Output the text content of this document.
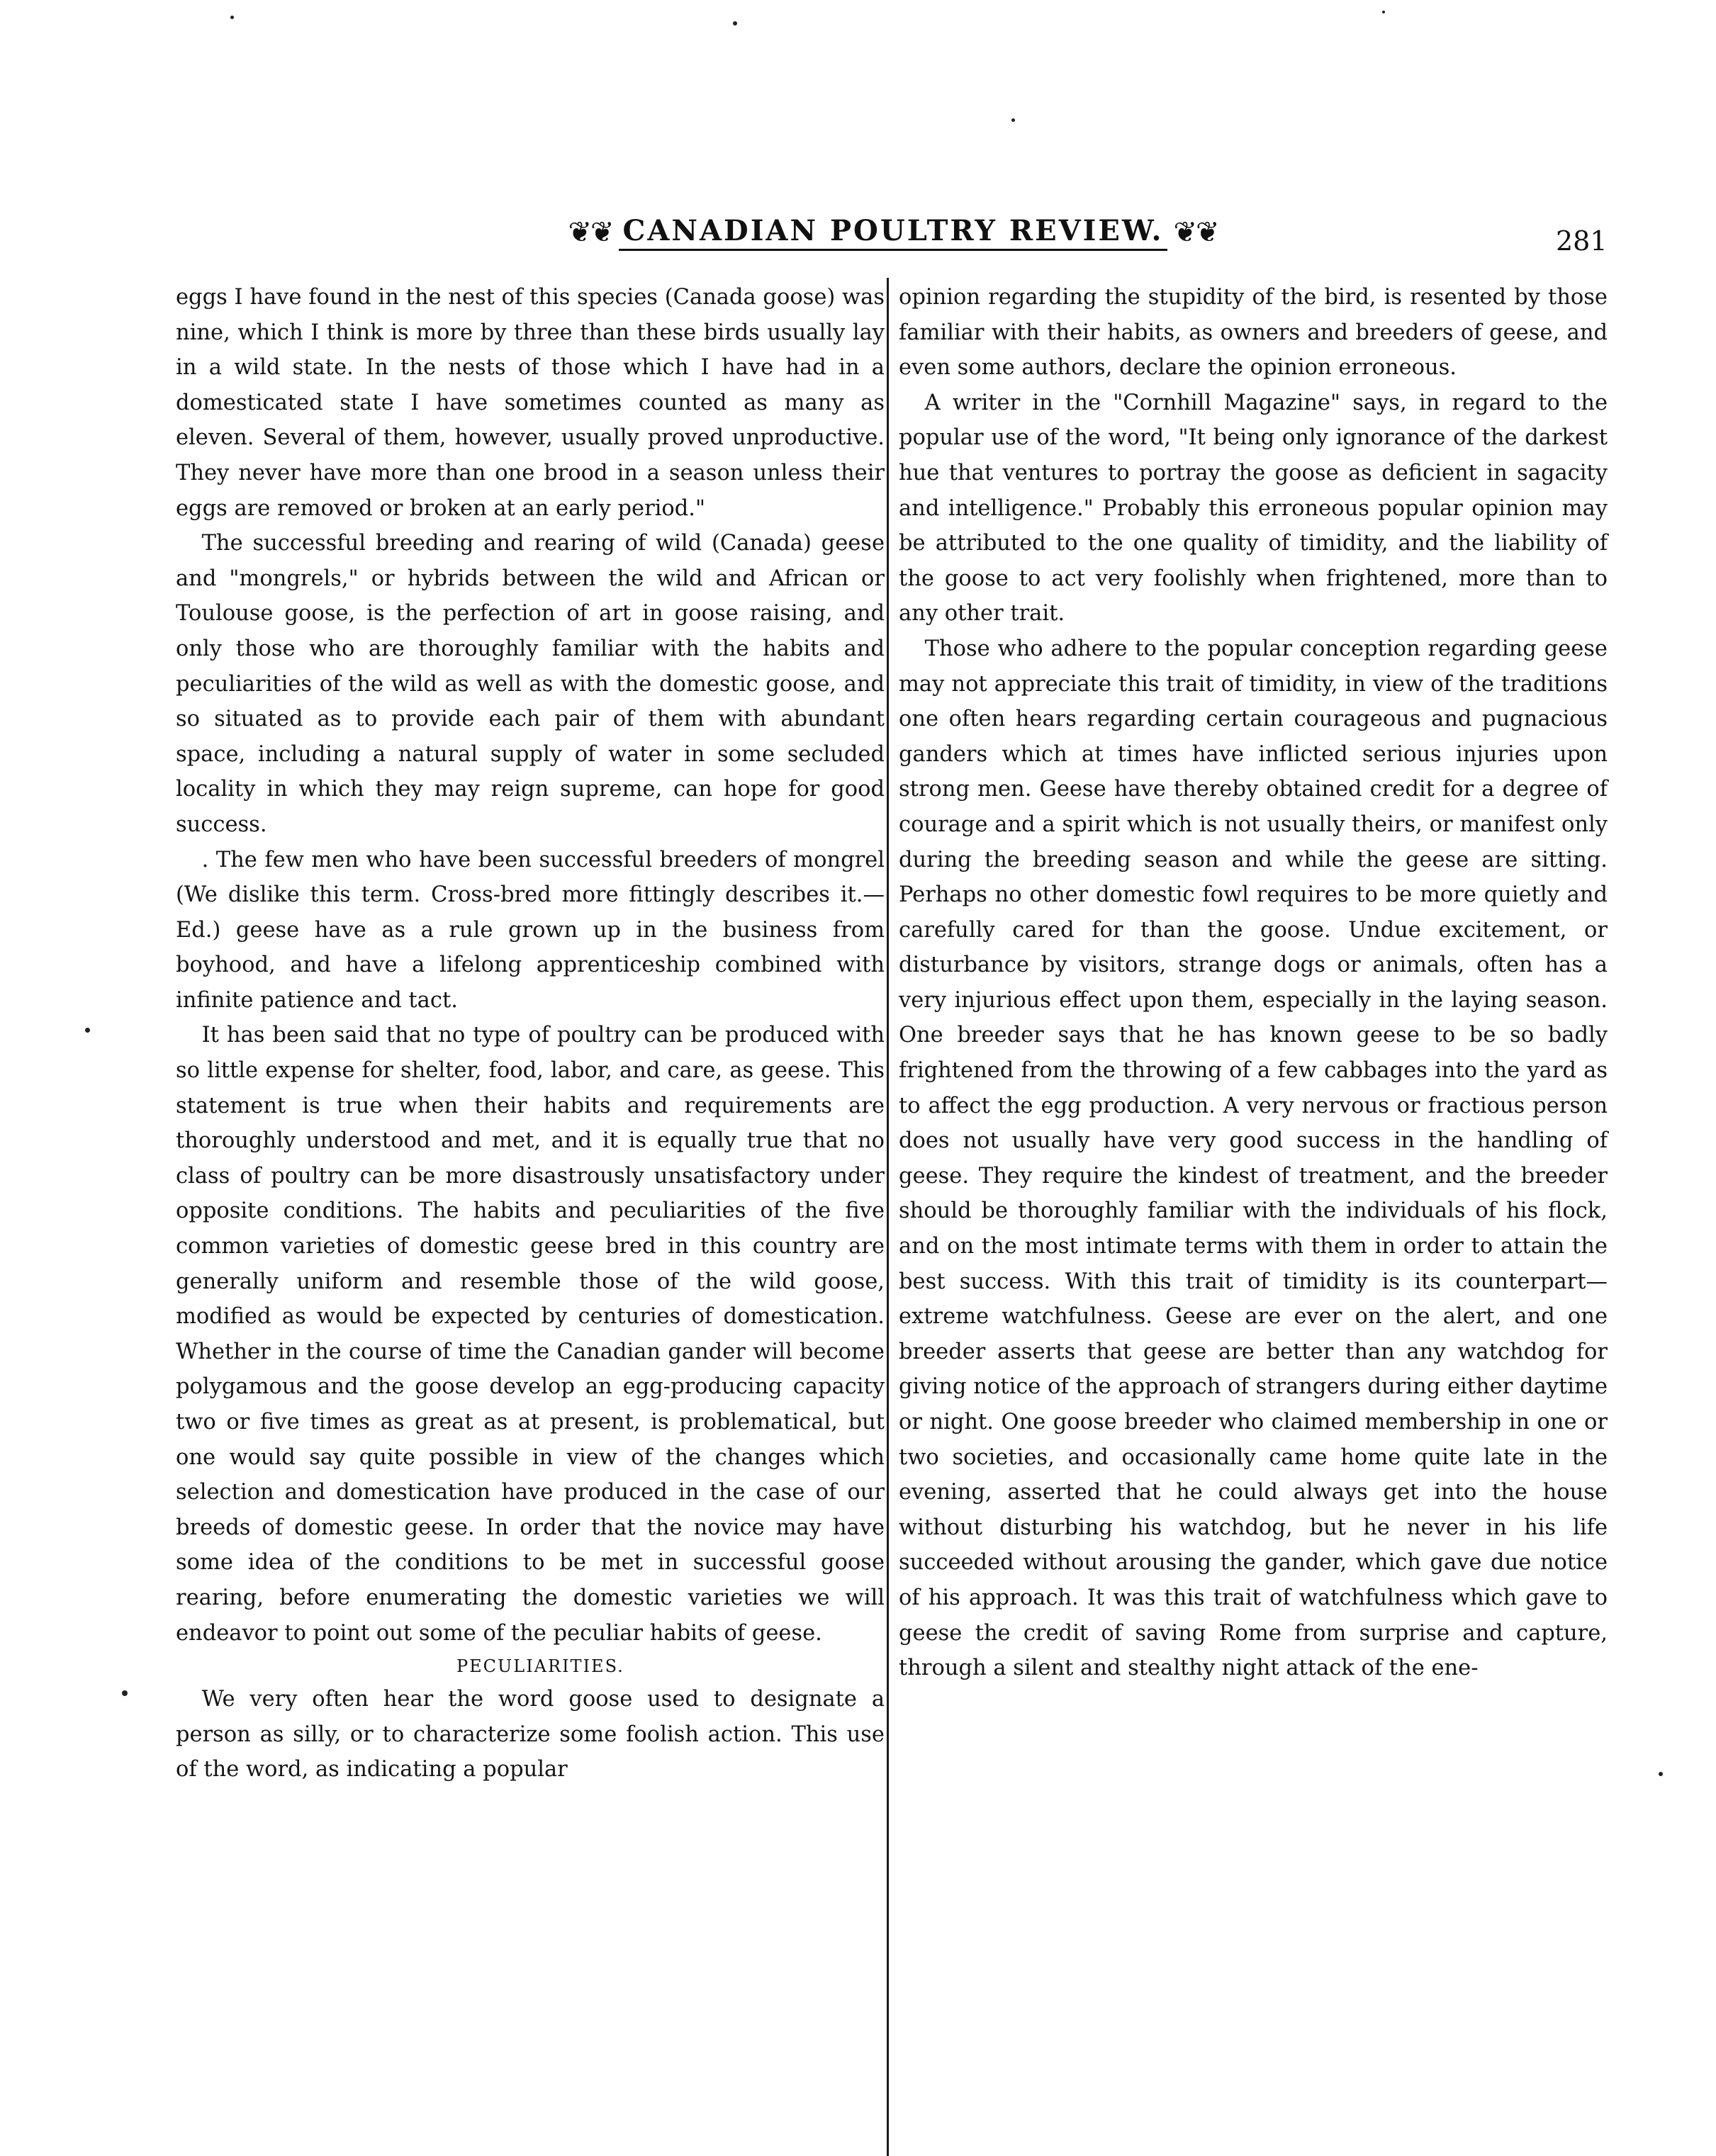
❦❦ CANADIAN POULTRY REVIEW. ❦❦	281

eggs I have found in the nest of this species (Canada goose) was nine, which I think is more by three than these birds usually lay in a wild state. In the nests of those which I have had in a domesticated state I have sometimes counted as many as eleven. Several of them, however, usually proved unproductive. They never have more than one brood in a season unless their eggs are removed or broken at an early period."

The successful breeding and rearing of wild (Canada) geese and "mongrels," or hybrids between the wild and African or Toulouse goose, is the perfection of art in goose raising, and only those who are thoroughly familiar with the habits and peculiarities of the wild as well as with the domestic goose, and so situated as to provide each pair of them with abundant space, including a natural supply of water in some secluded locality in which they may reign supreme, can hope for good success.

. The few men who have been successful breeders of mongrel (We dislike this term. Cross-bred more fittingly describes it.—Ed.) geese have as a rule grown up in the business from boyhood, and have a lifelong apprenticeship combined with infinite patience and tact.

It has been said that no type of poultry can be produced with so little expense for shelter, food, labor, and care, as geese. This statement is true when their habits and requirements are thoroughly understood and met, and it is equally true that no class of poultry can be more disastrously unsatisfactory under opposite conditions. The habits and peculiarities of the five common varieties of domestic geese bred in this country are generally uniform and resemble those of the wild goose, modified as would be expected by centuries of domestication. Whether in the course of time the Canadian gander will become polygamous and the goose develop an egg-producing capacity two or five times as great as at present, is problematical, but one would say quite possible in view of the changes which selection and domestication have produced in the case of our breeds of domestic geese. In order that the novice may have some idea of the conditions to be met in successful goose rearing, before enumerating the domestic varieties we will endeavor to point out some of the peculiar habits of geese.

PECULIARITIES.

We very often hear the word goose used to designate a person as silly, or to characterize some foolish action. This use of the word, as indicating a popular

opinion regarding the stupidity of the bird, is resented by those familiar with their habits, as owners and breeders of geese, and even some authors, declare the opinion erroneous.

A writer in the "Cornhill Magazine" says, in regard to the popular use of the word, "It being only ignorance of the darkest hue that ventures to portray the goose as deficient in sagacity and intelligence." Probably this erroneous popular opinion may be attributed to the one quality of timidity, and the liability of the goose to act very foolishly when frightened, more than to any other trait.

Those who adhere to the popular conception regarding geese may not appreciate this trait of timidity, in view of the traditions one often hears regarding certain courageous and pugnacious ganders which at times have inflicted serious injuries upon strong men. Geese have thereby obtained credit for a degree of courage and a spirit which is not usually theirs, or manifest only during the breeding season and while the geese are sitting. Perhaps no other domestic fowl requires to be more quietly and carefully cared for than the goose. Undue excitement, or disturbance by visitors, strange dogs or animals, often has a very injurious effect upon them, especially in the laying season. One breeder says that he has known geese to be so badly frightened from the throwing of a few cabbages into the yard as to affect the egg production. A very nervous or fractious person does not usually have very good success in the handling of geese. They require the kindest of treatment, and the breeder should be thoroughly familiar with the individuals of his flock, and on the most intimate terms with them in order to attain the best success. With this trait of timidity is its counterpart—extreme watchfulness. Geese are ever on the alert, and one breeder asserts that geese are better than any watchdog for giving notice of the approach of strangers during either daytime or night. One goose breeder who claimed membership in one or two societies, and occasionally came home quite late in the evening, asserted that he could always get into the house without disturbing his watchdog, but he never in his life succeeded without arousing the gander, which gave due notice of his approach. It was this trait of watchfulness which gave to geese the credit of saving Rome from surprise and capture, through a silent and stealthy night attack of the ene-
